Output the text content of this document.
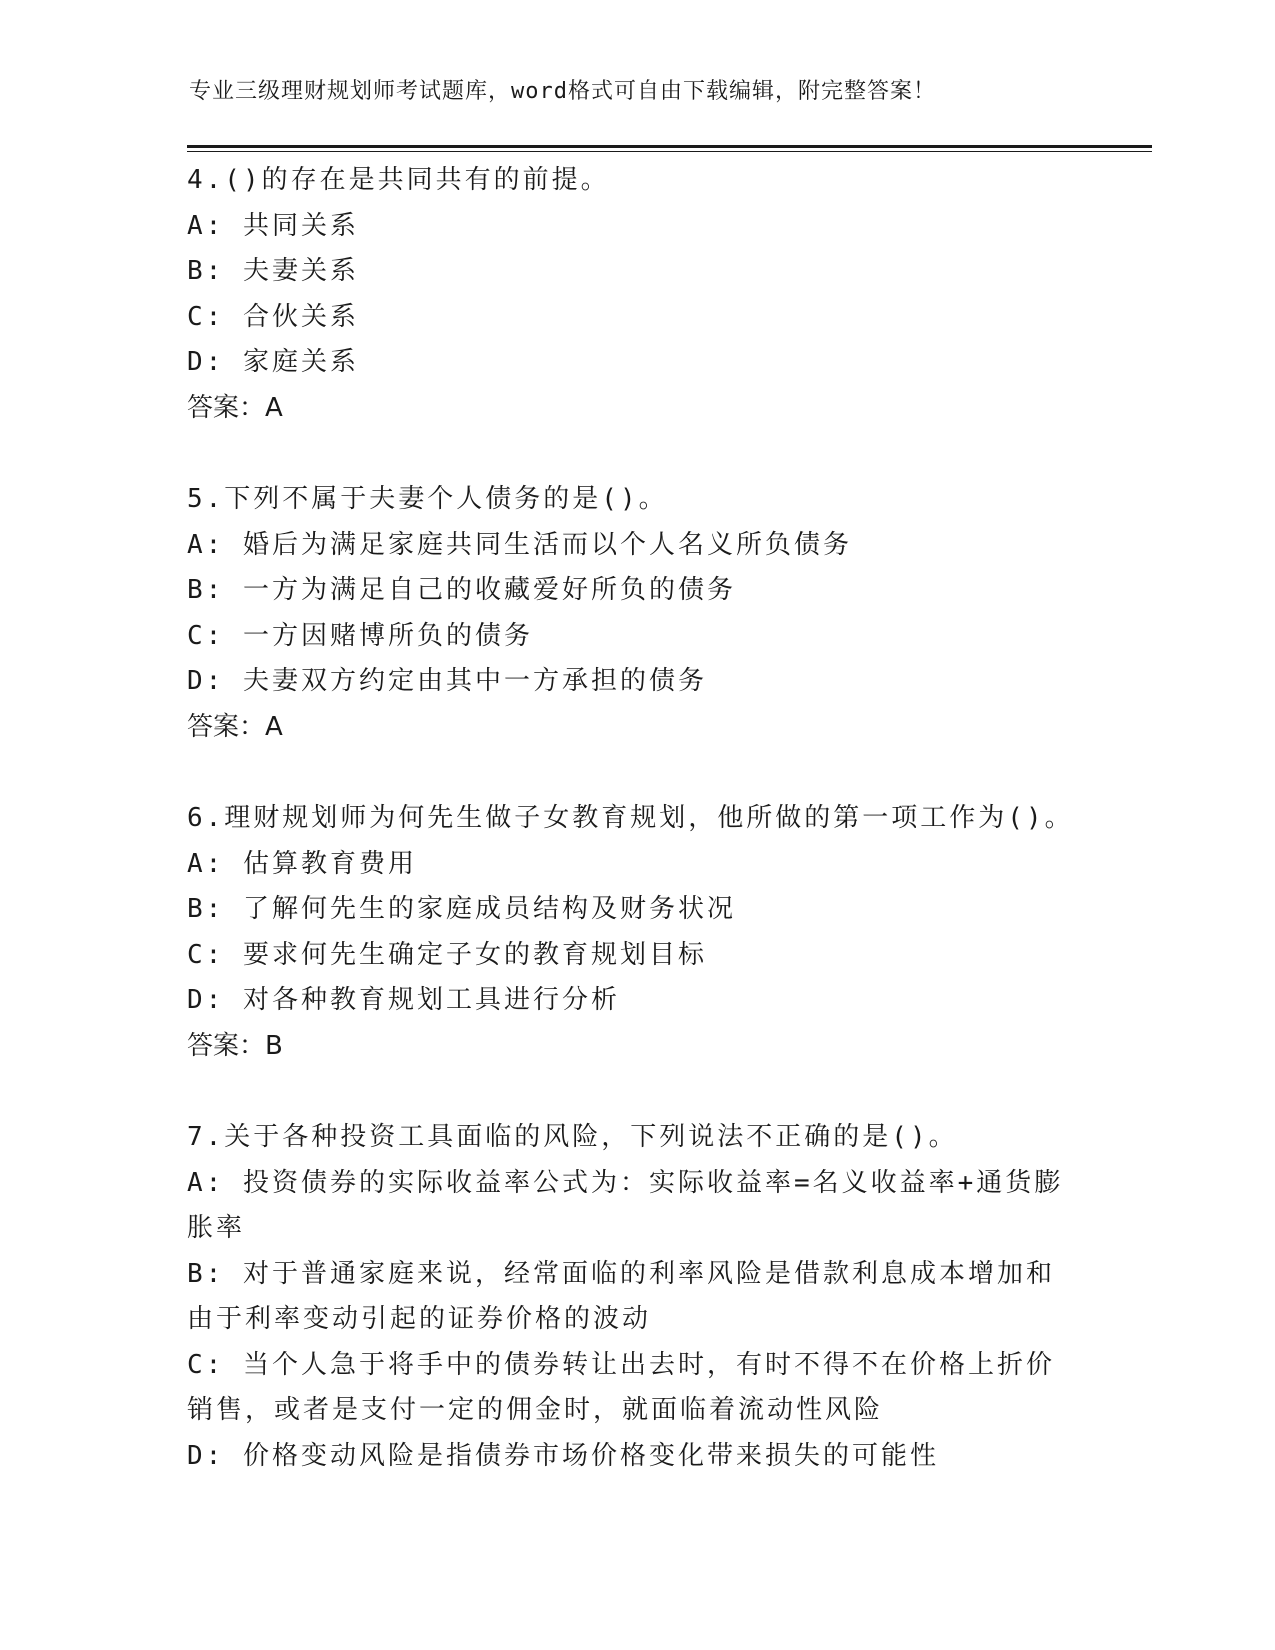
专业三级理财规划师考试题库，word格式可自由下载编辑，附完整答案！

4.()的存在是共同共有的前提。

A: 共同关系

B: 夫妻关系

C: 合伙关系

D: 家庭关系

答案：A

5.下列不属于夫妻个人债务的是()。

A: 婚后为满足家庭共同生活而以个人名义所负债务

B: 一方为满足自己的收藏爱好所负的债务

C: 一方因赌博所负的债务

D: 夫妻双方约定由其中一方承担的债务

答案：A

6.理财规划师为何先生做子女教育规划，他所做的第一项工作为()。

A: 估算教育费用

B: 了解何先生的家庭成员结构及财务状况

C: 要求何先生确定子女的教育规划目标

D: 对各种教育规划工具进行分析

答案：B

7.关于各种投资工具面临的风险，下列说法不正确的是()。

A: 投资债券的实际收益率公式为：实际收益率=名义收益率+通货膨胀率

B: 对于普通家庭来说，经常面临的利率风险是借款利息成本增加和由于利率变动引起的证券价格的波动

C: 当个人急于将手中的债券转让出去时，有时不得不在价格上折价销售，或者是支付一定的佣金时，就面临着流动性风险

D: 价格变动风险是指债券市场价格变化带来损失的可能性
